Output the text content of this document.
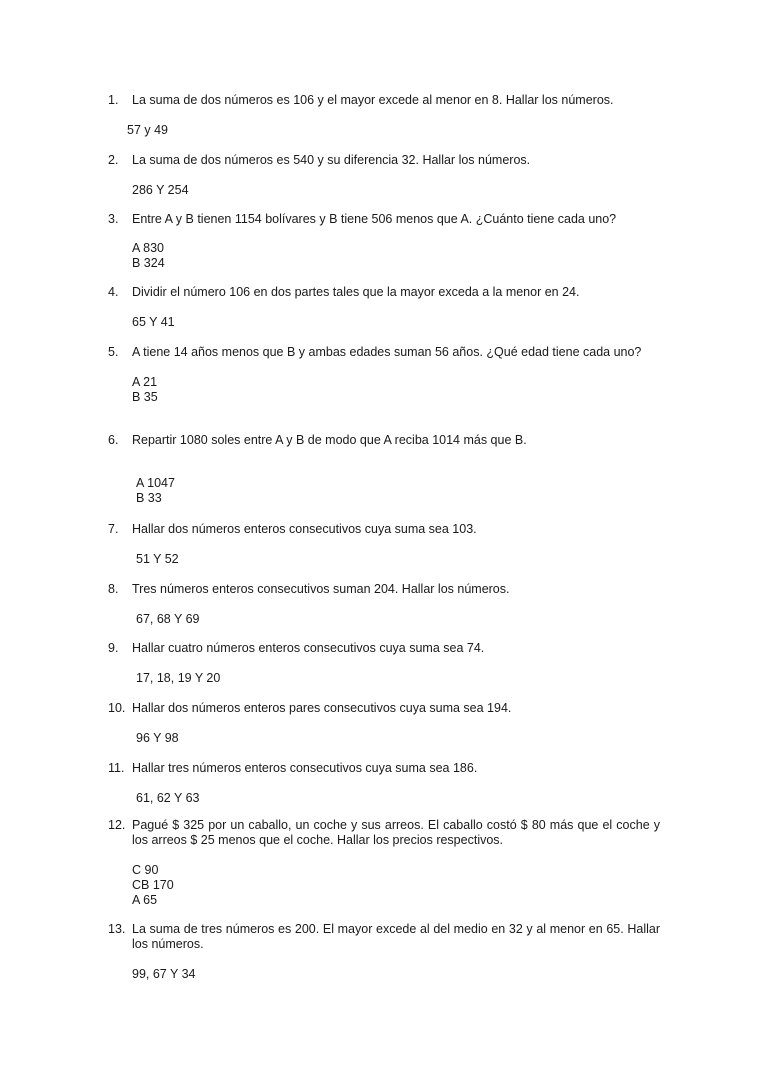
1.	La suma de dos números es 106 y el mayor excede al menor en 8. Hallar los números.
57 y 49
2.	La suma de dos números es 540 y su diferencia 32. Hallar los números.
286 Y 254
3.	Entre A y B tienen 1154 bolívares y B tiene 506 menos que A. ¿Cuánto tiene cada uno?
A 830
B 324
4.	Dividir el número 106 en dos partes tales que la mayor exceda a la menor en 24.
65 Y 41
5.	A tiene 14 años menos que B y ambas edades suman 56 años. ¿Qué edad tiene cada uno?
A 21
B 35
6.	Repartir 1080 soles entre A y B de modo que A reciba 1014 más que B.
A 1047
B 33
7.	Hallar dos números enteros consecutivos cuya suma sea 103.
51 Y 52
8.	Tres números enteros consecutivos suman 204. Hallar los números.
67, 68 Y 69
9.	Hallar cuatro números enteros consecutivos cuya suma sea 74.
17, 18, 19 Y 20
10. Hallar dos números enteros pares consecutivos cuya suma sea 194.
96 Y 98
11. Hallar tres números enteros consecutivos cuya suma sea 186.
61, 62 Y 63
12. Pagué $ 325 por un caballo, un coche y sus arreos. El caballo costó $ 80 más que el coche y los arreos $ 25 menos que el coche. Hallar los precios respectivos.
C 90
CB 170
A 65
13. La suma de tres números es 200. El mayor excede al del medio en 32 y al menor en 65. Hallar los números.
99, 67 Y 34
